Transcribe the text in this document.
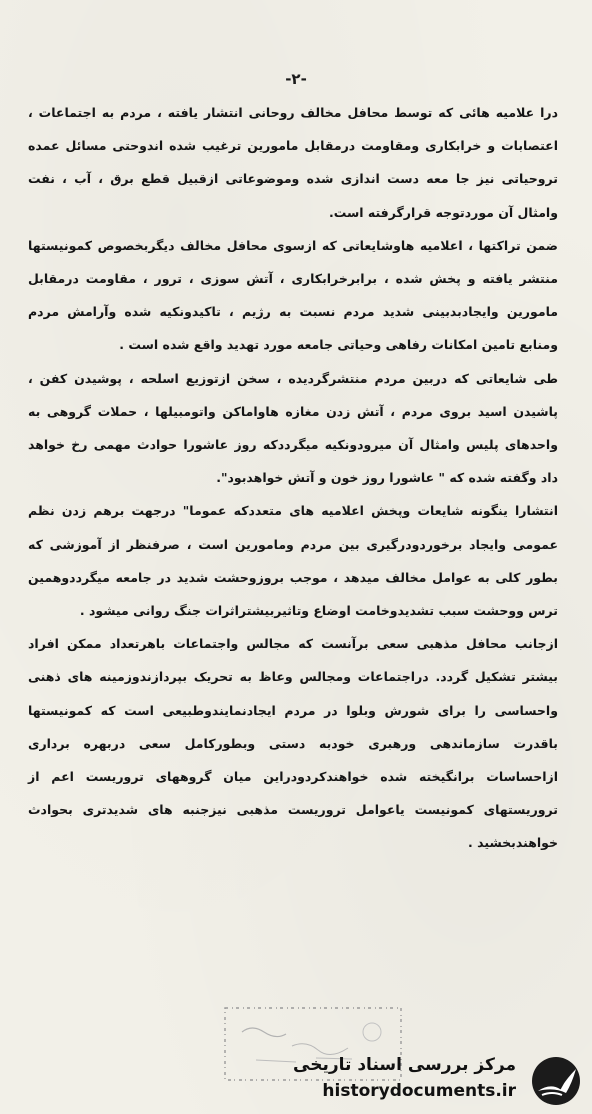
-۲-

درا علامیه هائی که توسط محافل مخالف روحانی انتشار یافته ، مردم به اجتماعات ، اعتصابات و خرابکاری ومقاومت درمقابل مامورین ترغیب شده اندوحتی مسائل عمده تروحیاتی نیز جا معه دست اندازی شده وموضوعاتی ازقبیل قطع برق ، آب ، نفت وامثال آن موردتوجه قرارگرفته است.

ضمن تراکتها ، اعلامیه هاوشایعاتی که ازسوی محافل مخالف دیگربخصوص کمونیستها منتشر یافته و پخش شده ، برابرخرابکاری ، آتش سوزی ، ترور ، مقاومت درمقابل مامورین وایجادبدبینی شدید مردم نسبت به رژیم ، تاکیدونکیه شده وآرامش مردم ومنابع تامین امکانات رفاهی وحیاتی جامعه مورد تهدید واقع شده است .

طی شایعاتی که دربین مردم منتشرگردیده ، سخن ازتوزیع اسلحه ، پوشیدن کفن ، پاشیدن اسید بروی مردم ، آتش زدن مغازه هاواماکن واتومبیلها ، حملات گروهی به واحدهای پلیس وامثال آن میرودونکیه میگرددکه روز عاشورا حوادث مهمی رخ خواهد داد وگفته شده که " عاشورا روز خون و آتش خواهدبود".

انتشارا ینگونه شایعات وپخش اعلامیه های متعددکه عموما" درجهت برهم زدن نظم عمومی وایجاد برخوردودرگیری بین مردم ومامورین است ، صرفنظر از آموزشی که بطور کلی به عوامل مخالف میدهد ، موجب بروزوحشت شدید در جامعه میگرددوهمین ترس ووحشت سبب تشدیدوخامت اوضاع وتاثیربیشتراثرات جنگ روانی میشود .

ازجانب محافل مذهبی سعی برآنست که مجالس واجتماعات باهرتعداد ممکن افراد بیشتر تشکیل گردد. دراجتماعات ومجالس وعاظ به تحریک بپردازندوزمینه های ذهنی واحساسی را برای شورش وبلوا در مردم ایجادنمایندوطبیعی است که کمونیستها باقدرت سازماندهی ورهبری خودبه دستی وبطورکامل سعی دربهره برداری ازاحساسات برانگیخته شده خواهندکردودراین میان گروههای تروریست اعم از تروریستهای کمونیست یاعوامل تروریست مذهبی نیزجنبه های شدیدتری بحوادث خواهندبخشید .

مرکز بررسی اسناد تاریخی
historydocuments.ir
